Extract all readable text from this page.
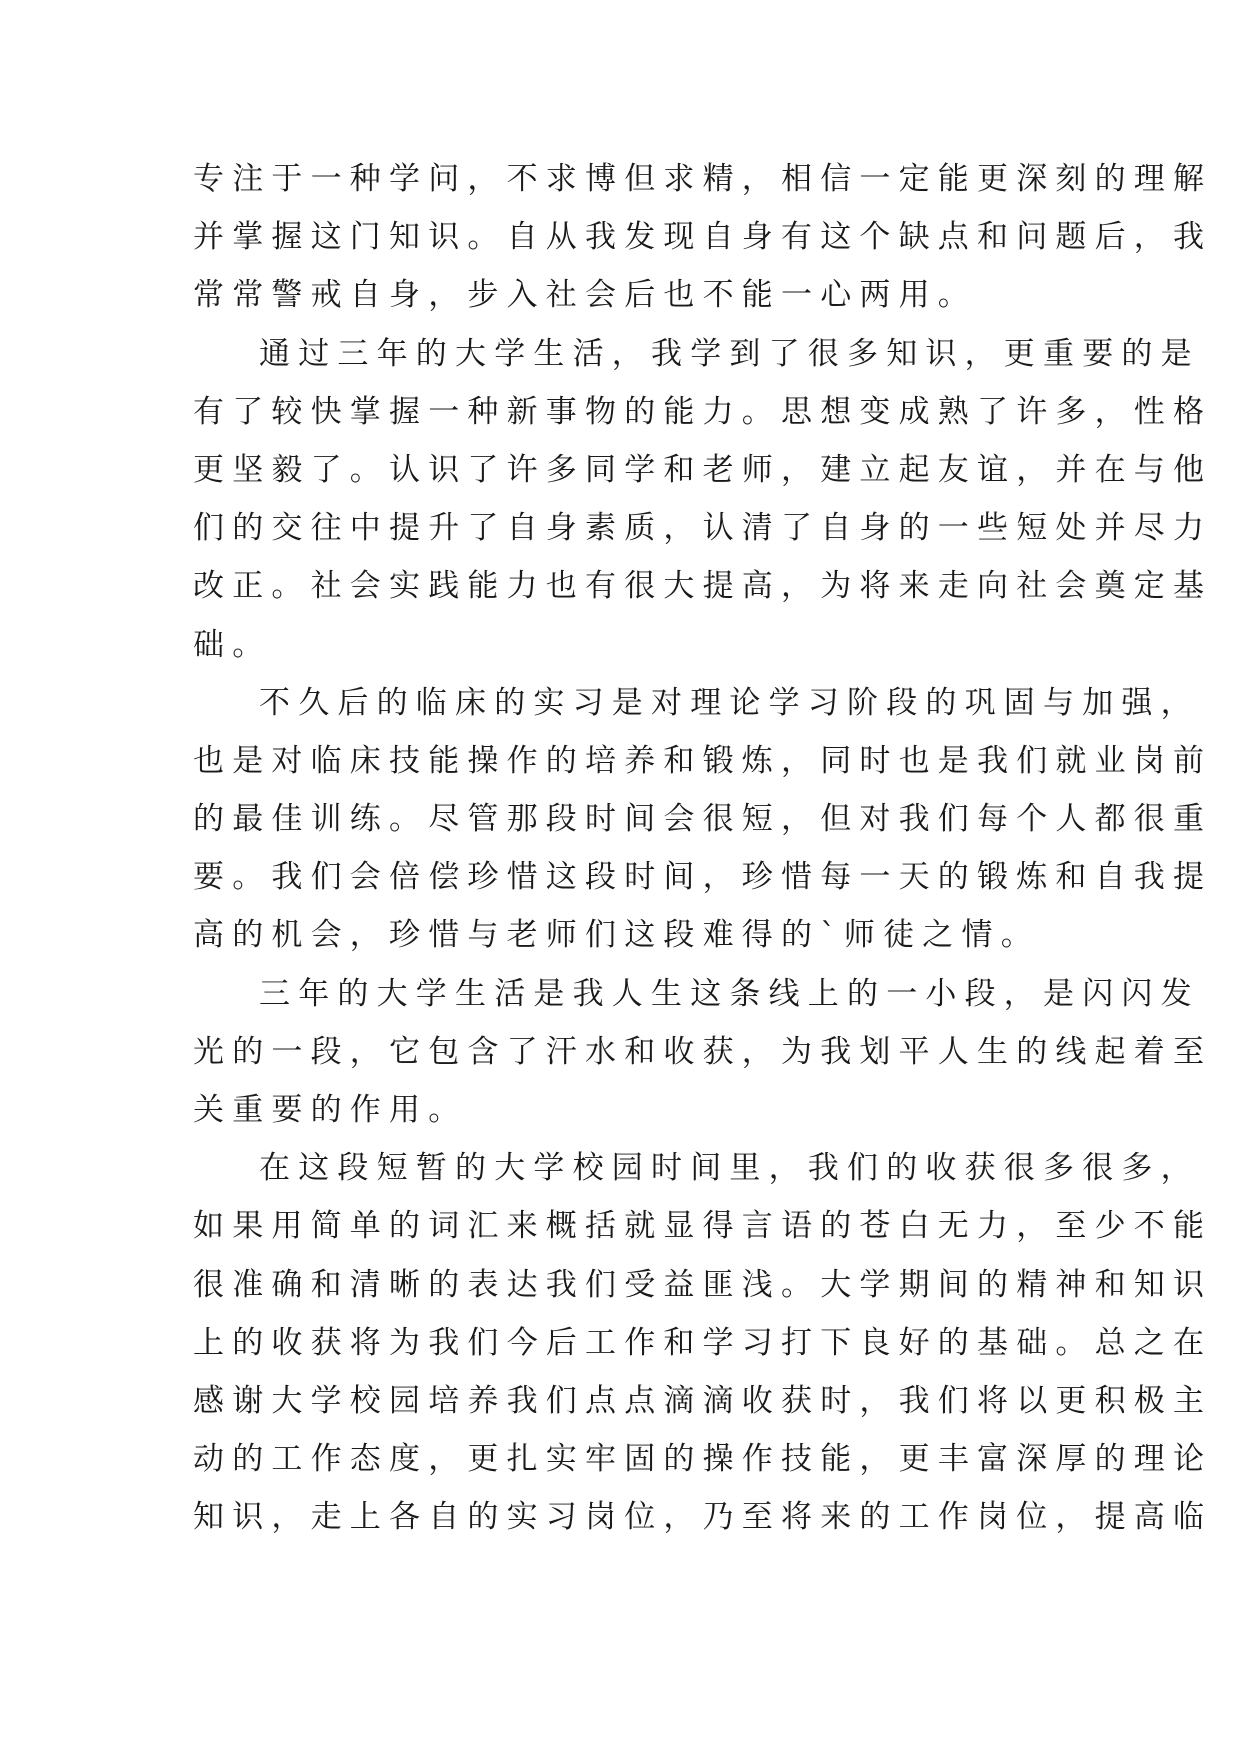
专注于一种学问，不求博但求精，相信一定能更深刻的理解
并掌握这门知识。自从我发现自身有这个缺点和问题后，我
常常警戒自身，步入社会后也不能一心两用。
通过三年的大学生活，我学到了很多知识，更重要的是
有了较快掌握一种新事物的能力。思想变成熟了许多，性格
更坚毅了。认识了许多同学和老师，建立起友谊，并在与他
们的交往中提升了自身素质，认清了自身的一些短处并尽力
改正。社会实践能力也有很大提高，为将来走向社会奠定基
础。
不久后的临床的实习是对理论学习阶段的巩固与加强，
也是对临床技能操作的培养和锻炼，同时也是我们就业岗前
的最佳训练。尽管那段时间会很短，但对我们每个人都很重
要。我们会倍偿珍惜这段时间，珍惜每一天的锻炼和自我提
高的机会，珍惜与老师们这段难得的`师徒之情。
三年的大学生活是我人生这条线上的一小段，是闪闪发
光的一段，它包含了汗水和收获，为我划平人生的线起着至
关重要的作用。
在这段短暂的大学校园时间里，我们的收获很多很多，
如果用简单的词汇来概括就显得言语的苍白无力，至少不能
很准确和清晰的表达我们受益匪浅。大学期间的精神和知识
上的收获将为我们今后工作和学习打下良好的基础。总之在
感谢大学校园培养我们点点滴滴收获时，我们将以更积极主
动的工作态度，更扎实牢固的操作技能，更丰富深厚的理论
知识，走上各自的实习岗位，乃至将来的工作岗位，提高临
